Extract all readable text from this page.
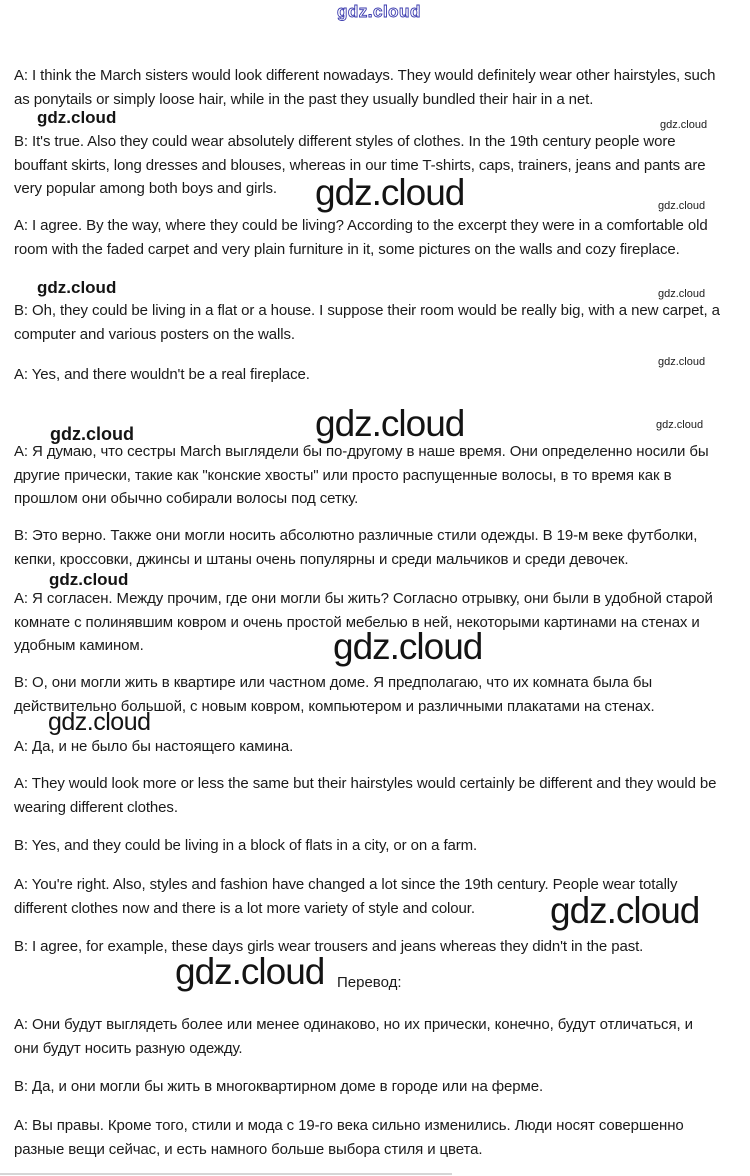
gdz.cloud
gdz.cloud	gdz.cloud
gdz.cloud	gdz.cloud
gdz.cloud	gdz.cloud
gdz.cloud
gdz.cloud
gdz.cloud	gdz.cloud
gdz.cloud
gdz.cloud
gdz.cloud
gdz.cloud
gdz.cloud

A: I think the March sisters would look different nowadays. They would definitely wear other hairstyles, such as ponytails or simply loose hair, while in the past they usually bundled their hair in a net.

B: It's true. Also they could wear absolutely different styles of clothes. In the 19th century people wore bouffant skirts, long dresses and blouses, whereas in our time T-shirts, caps, trainers, jeans and pants are very popular among both boys and girls.

A: I agree. By the way, where they could be living? According to the excerpt they were in a comfortable old room with the faded carpet and very plain furniture in it, some pictures on the walls and cozy fireplace.

B: Oh, they could be living in a flat or a house. I suppose their room would be really big, with a new carpet, a computer and various posters on the walls.

A: Yes, and there wouldn't be a real fireplace.

A: Я думаю, что сестры March выглядели бы по-другому в наше время. Они определенно носили бы другие прически, такие как "конские хвосты" или просто распущенные волосы, в то время как в прошлом они обычно собирали волосы под сетку.

B: Это верно. Также они могли носить абсолютно различные стили одежды. В 19-м веке футболки, кепки, кроссовки, джинсы и штаны очень популярны и среди мальчиков и среди девочек.

A: Я согласен. Между прочим, где они могли бы жить? Согласно отрывку, они были в удобной старой комнате с полинявшим ковром и очень простой мебелью в ней, некоторыми картинами на стенах и удобным камином.

B: О, они могли жить в квартире или частном доме. Я предполагаю, что их комната была бы действительно большой, с новым ковром, компьютером и различными плакатами на стенах.

A: Да, и не было бы настоящего камина.

A: They would look more or less the same but their hairstyles would certainly be different and they would be wearing different clothes.

B: Yes, and they could be living in a block of flats in a city, or on a farm.

A: You're right. Also, styles and fashion have changed a lot since the 19th century. People wear totally different clothes now and there is a lot more variety of style and colour.

B: I agree, for example, these days girls wear trousers and jeans whereas they didn't in the past.

Перевод:

A: Они будут выглядеть более или менее одинаково, но их прически, конечно, будут отличаться, и они будут носить разную одежду.

B: Да, и они могли бы жить в многоквартирном доме в городе или на ферме.

A: Вы правы. Кроме того, стили и мода с 19-го века сильно изменились. Люди носят совершенно разные вещи сейчас, и есть намного больше выбора стиля и цвета.
